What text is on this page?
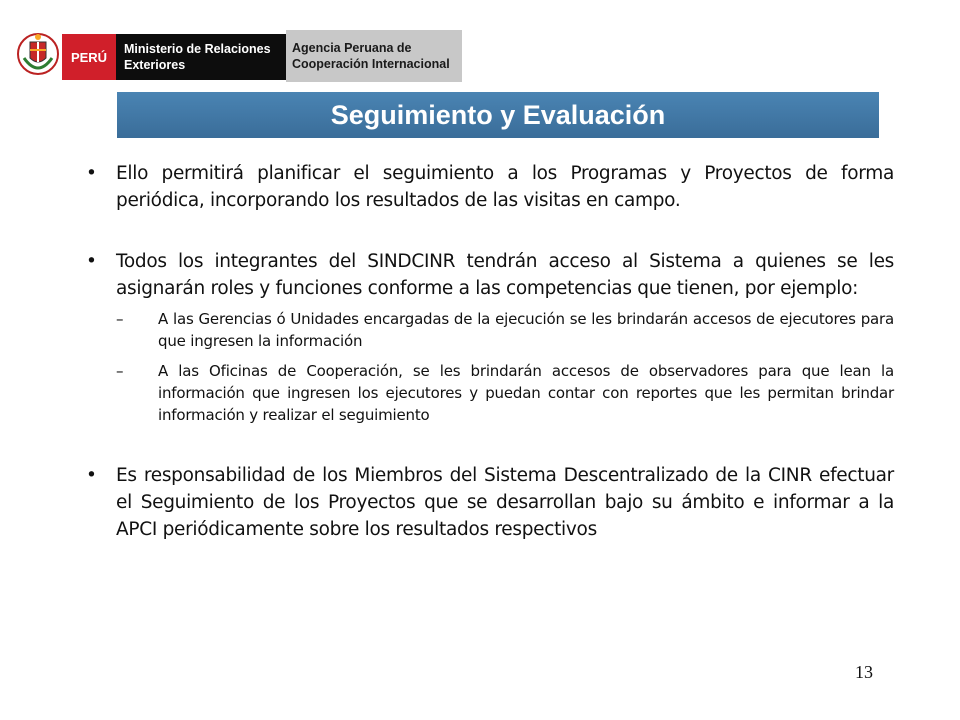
PERÚ
Ministerio de Relaciones Exteriores
Agencia Peruana de Cooperación Internacional
Seguimiento y Evaluación
• Ello permitirá planificar el seguimiento a los Programas y Proyectos de forma periódica, incorporando los resultados de las visitas en campo.
• Todos los integrantes del SINDCINR tendrán acceso al Sistema a quienes se les asignarán roles y funciones conforme a las competencias que tienen, por ejemplo:
– A las Gerencias ó Unidades encargadas de la ejecución se les brindarán accesos de ejecutores para que ingresen la información
– A las Oficinas de Cooperación, se les brindarán accesos de observadores para que lean la información que ingresen los ejecutores y puedan contar con reportes que les permitan brindar información y realizar el seguimiento
• Es responsabilidad de los Miembros del Sistema Descentralizado de la CINR efectuar el Seguimiento de los Proyectos que se desarrollan bajo su ámbito e informar a la APCI periódicamente sobre los resultados respectivos
13
